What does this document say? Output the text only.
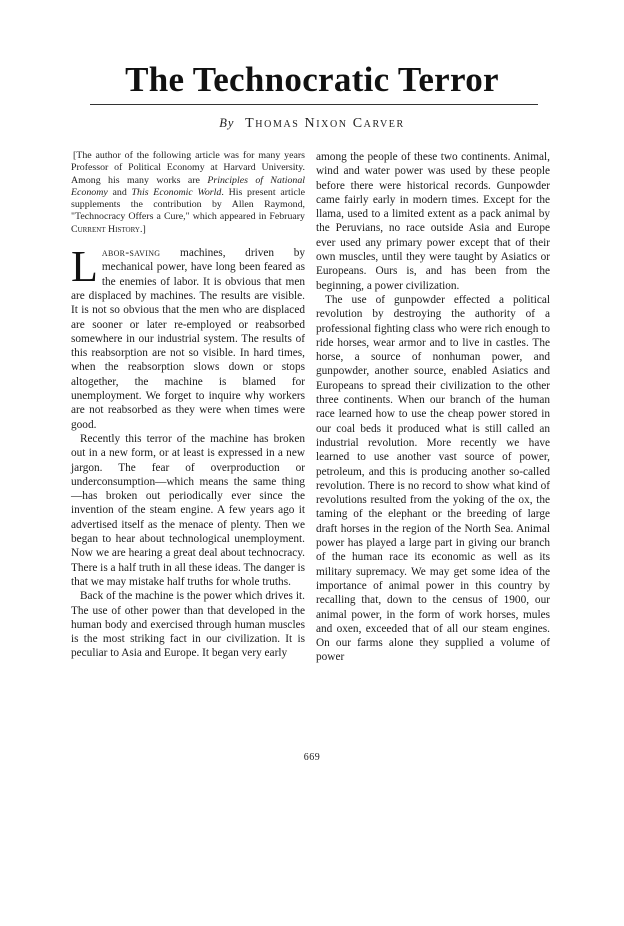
The Technocratic Terror
By Thomas Nixon Carver

[The author of the following article was for many years Professor of Political Economy at Harvard University. Among his many works are Principles of National Economy and This Economic World. His present article supplements the contribution by Allen Raymond, "Technocracy Offers a Cure," which appeared in February Current History.]

Labor-saving machines, driven by mechanical power, have long been feared as the enemies of labor. It is obvious that men are displaced by machines. The results are visible. It is not so obvious that the men who are displaced are sooner or later re-employed or reabsorbed somewhere in our industrial system. The results of this reabsorption are not so visible. In hard times, when the reabsorption slows down or stops altogether, the machine is blamed for unemployment. We forget to inquire why workers are not reabsorbed as they were when times were good.

Recently this terror of the machine has broken out in a new form, or at least is expressed in a new jargon. The fear of overproduction or underconsumption—which means the same thing—has broken out periodically ever since the invention of the steam engine. A few years ago it advertised itself as the menace of plenty. Then we began to hear about technological unemployment. Now we are hearing a great deal about technocracy. There is a half truth in all these ideas. The danger is that we may mistake half truths for whole truths.

Back of the machine is the power which drives it. The use of other power than that developed in the human body and exercised through human muscles is the most striking fact in our civilization. It is peculiar to Asia and Europe. It began very early

among the people of these two continents. Animal, wind and water power was used by these people before there were historical records. Gunpowder came fairly early in modern times. Except for the llama, used to a limited extent as a pack animal by the Peruvians, no race outside Asia and Europe ever used any primary power except that of their own muscles, until they were taught by Asiatics or Europeans. Ours is, and has been from the beginning, a power civilization.

The use of gunpowder effected a political revolution by destroying the authority of a professional fighting class who were rich enough to ride horses, wear armor and to live in castles. The horse, a source of nonhuman power, and gunpowder, another source, enabled Asiatics and Europeans to spread their civilization to the other three continents. When our branch of the human race learned how to use the cheap power stored in our coal beds it produced what is still called an industrial revolution. More recently we have learned to use another vast source of power, petroleum, and this is producing another so-called revolution. There is no record to show what kind of revolutions resulted from the yoking of the ox, the taming of the elephant or the breeding of large draft horses in the region of the North Sea. Animal power has played a large part in giving our branch of the human race its economic as well as its military supremacy. We may get some idea of the importance of animal power in this country by recalling that, down to the census of 1900, our animal power, in the form of work horses, mules and oxen, exceeded that of all our steam engines. On our farms alone they supplied a volume of power

669
